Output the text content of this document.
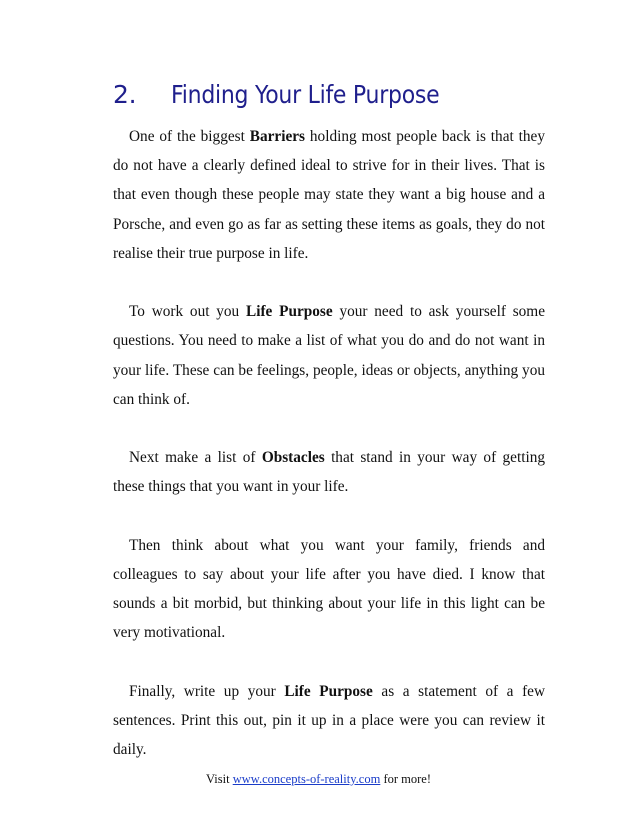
2. Finding Your Life Purpose

One of the biggest Barriers holding most people back is that they do not have a clearly defined ideal to strive for in their lives. That is that even though these people may state they want a big house and a Porsche, and even go as far as setting these items as goals, they do not realise their true purpose in life.

To work out you Life Purpose your need to ask yourself some questions. You need to make a list of what you do and do not want in your life. These can be feelings, people, ideas or objects, anything you can think of.

Next make a list of Obstacles that stand in your way of getting these things that you want in your life.

Then think about what you want your family, friends and colleagues to say about your life after you have died. I know that sounds a bit morbid, but thinking about your life in this light can be very motivational.

Finally, write up your Life Purpose as a statement of a few sentences. Print this out, pin it up in a place were you can review it daily.

Visit www.concepts-of-reality.com for more!
